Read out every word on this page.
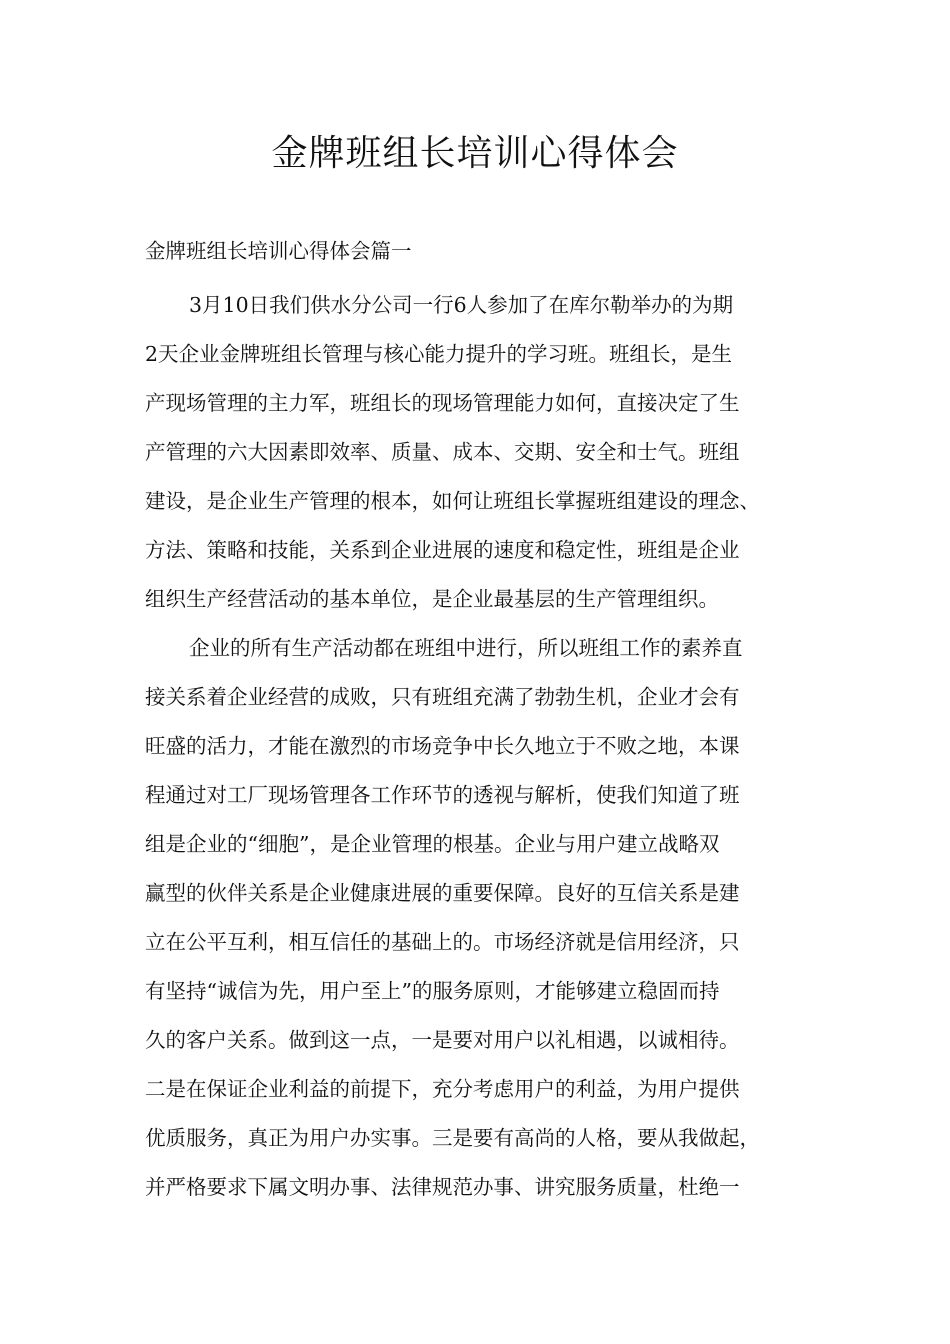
金牌班组长培训心得体会

金牌班组长培训心得体会篇一

3月10日我们供水分公司一行6人参加了在库尔勒举办的为期

2天企业金牌班组长管理与核心能力提升的学习班。班组长，是生

产现场管理的主力军，班组长的现场管理能力如何，直接决定了生

产管理的六大因素即效率、质量、成本、交期、安全和士气。班组

建设，是企业生产管理的根本，如何让班组长掌握班组建设的理念、

方法、策略和技能，关系到企业进展的速度和稳定性，班组是企业

组织生产经营活动的基本单位，是企业最基层的生产管理组织。

企业的所有生产活动都在班组中进行，所以班组工作的素养直

接关系着企业经营的成败，只有班组充满了勃勃生机，企业才会有

旺盛的活力，才能在激烈的市场竞争中长久地立于不败之地，本课

程通过对工厂现场管理各工作环节的透视与解析，使我们知道了班

组是企业的“细胞”，是企业管理的根基。企业与用户建立战略双

赢型的伙伴关系是企业健康进展的重要保障。良好的互信关系是建

立在公平互利，相互信任的基础上的。市场经济就是信用经济，只

有坚持“诚信为先，用户至上”的服务原则，才能够建立稳固而持

久的客户关系。做到这一点，一是要对用户以礼相遇，以诚相待。

二是在保证企业利益的前提下，充分考虑用户的利益，为用户提供

优质服务，真正为用户办实事。三是要有高尚的人格，要从我做起，

并严格要求下属文明办事、法律规范办事、讲究服务质量，杜绝一
